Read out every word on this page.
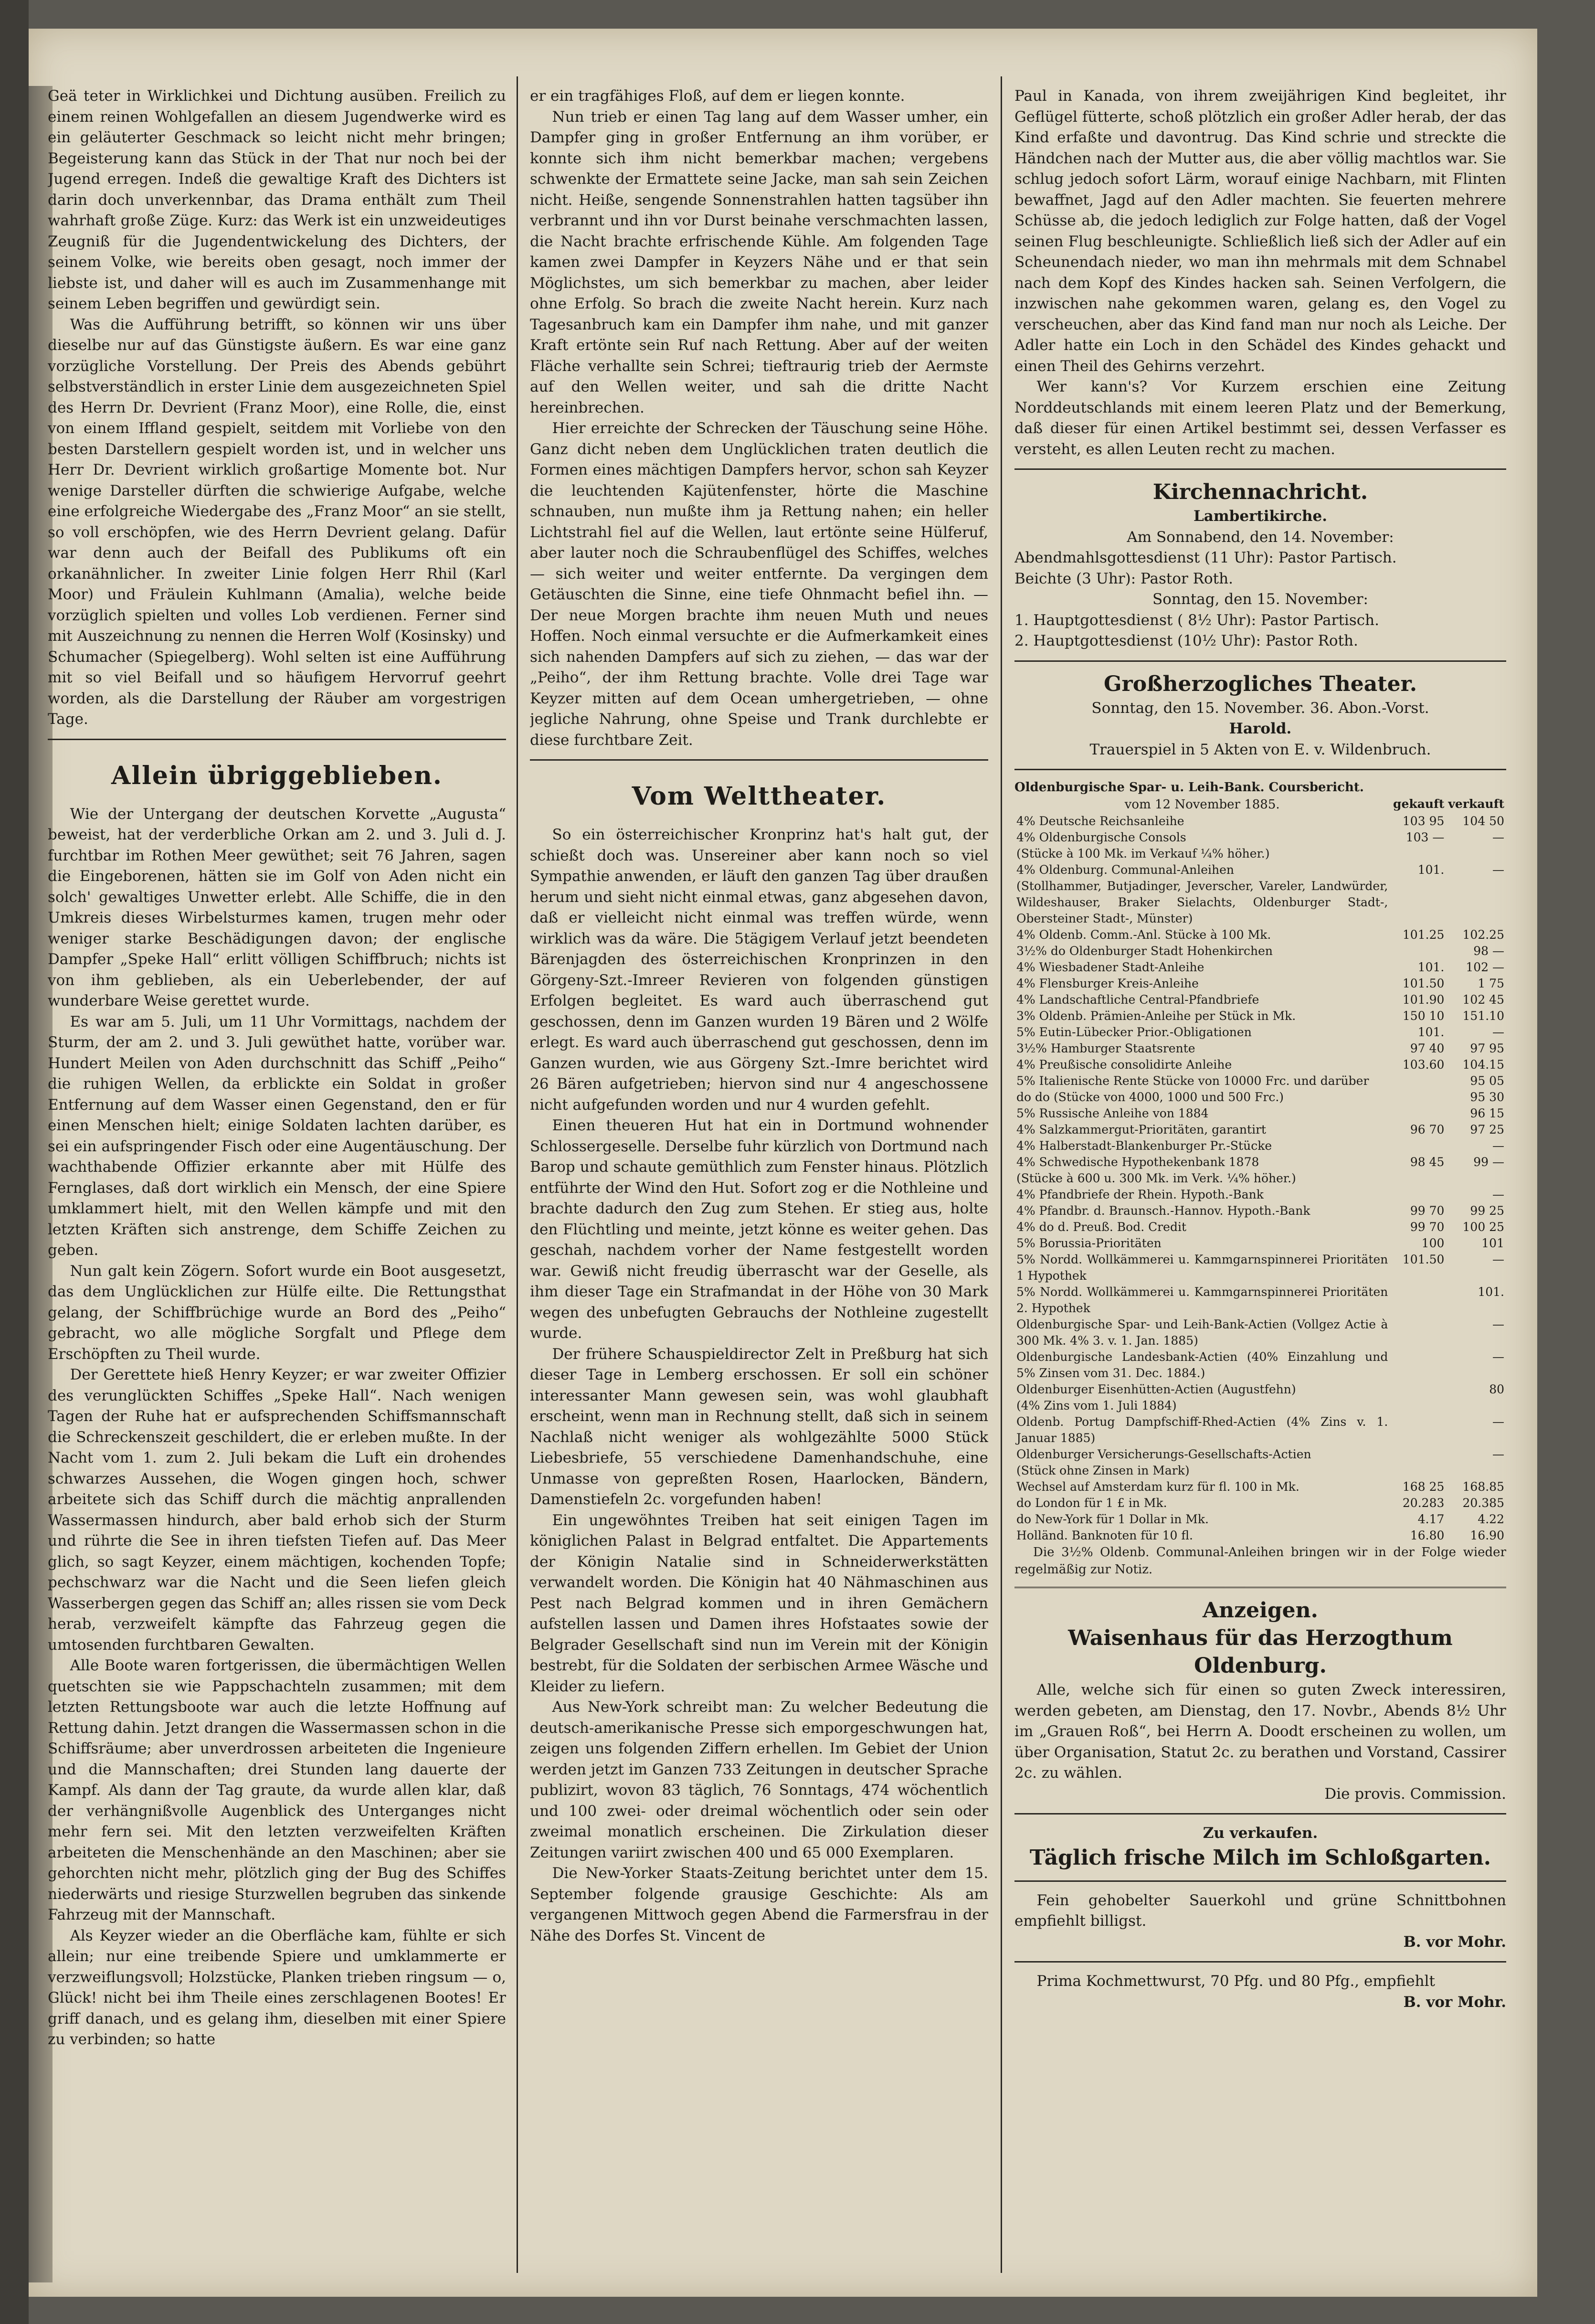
Geä teter in Wirklichkei und Dichtung ausüben. Freilich zu einem reinen Wohlgefallen an diesem Jugendwerke wird es ein geläuterter Geschmack so leicht nicht mehr bringen; Begeisterung kann das Stück in der That nur noch bei der Jugend erregen. Indeß die gewaltige Kraft des Dichters ist darin doch unverkennbar, das Drama enthält zum Theil wahrhaft große Züge. Kurz: das Werk ist ein unzweideutiges Zeugniß für die Jugendentwickelung des Dichters, der seinem Volke, wie bereits oben gesagt, noch immer der liebste ist, und daher will es auch im Zusammenhange mit seinem Leben begriffen und gewürdigt sein.

Was die Aufführung betrifft, so können wir uns über dieselbe nur auf das Günstigste äußern. Es war eine ganz vorzügliche Vorstellung. Der Preis des Abends gebührt selbstverständlich in erster Linie dem ausgezeichneten Spiel des Herrn Dr. Devrient (Franz Moor), eine Rolle, die, einst von einem Iffland gespielt, seitdem mit Vorliebe von den besten Darstellern gespielt worden ist, und in welcher uns Herr Dr. Devrient wirklich großartige Momente bot. Nur wenige Darsteller dürften die schwierige Aufgabe, welche eine erfolgreiche Wiedergabe des „Franz Moor“ an sie stellt, so voll erschöpfen, wie des Herrn Devrient gelang. Dafür war denn auch der Beifall des Publikums oft ein orkanähnlicher. In zweiter Linie folgen Herr Rhil (Karl Moor) und Fräulein Kuhlmann (Amalia), welche beide vorzüglich spielten und volles Lob verdienen. Ferner sind mit Auszeichnung zu nennen die Herren Wolf (Kosinsky) und Schumacher (Spiegelberg). Wohl selten ist eine Aufführung mit so viel Beifall und so häufigem Hervorruf geehrt worden, als die Darstellung der Räuber am vorgestrigen Tage.

Allein übriggeblieben.

Wie der Untergang der deutschen Korvette „Augusta“ beweist, hat der verderbliche Orkan am 2. und 3. Juli d. J. furchtbar im Rothen Meer gewüthet; seit 76 Jahren, sagen die Eingeborenen, hätten sie im Golf von Aden nicht ein solch' gewaltiges Unwetter erlebt. Alle Schiffe, die in den Umkreis dieses Wirbelsturmes kamen, trugen mehr oder weniger starke Beschädigungen davon; der englische Dampfer „Speke Hall“ erlitt völligen Schiffbruch; nichts ist von ihm geblieben, als ein Ueberlebender, der auf wunderbare Weise gerettet wurde.

Es war am 5. Juli, um 11 Uhr Vormittags, nachdem der Sturm, der am 2. und 3. Juli gewüthet hatte, vorüber war. Hundert Meilen von Aden durchschnitt das Schiff „Peiho“ die ruhigen Wellen, da erblickte ein Soldat in großer Entfernung auf dem Wasser einen Gegenstand, den er für einen Menschen hielt; einige Soldaten lachten darüber, es sei ein aufspringender Fisch oder eine Augentäuschung. Der wachthabende Offizier erkannte aber mit Hülfe des Fernglases, daß dort wirklich ein Mensch, der eine Spiere umklammert hielt, mit den Wellen kämpfe und mit den letzten Kräften sich anstrenge, dem Schiffe Zeichen zu geben.

Nun galt kein Zögern. Sofort wurde ein Boot ausgesetzt, das dem Unglücklichen zur Hülfe eilte. Die Rettungsthat gelang, der Schiffbrüchige wurde an Bord des „Peiho“ gebracht, wo alle mögliche Sorgfalt und Pflege dem Erschöpften zu Theil wurde.

Der Gerettete hieß Henry Keyzer; er war zweiter Offizier des verunglückten Schiffes „Speke Hall“. Nach wenigen Tagen der Ruhe hat er aufsprechenden Schiffsmannschaft die Schreckenszeit geschildert, die er erleben mußte. In der Nacht vom 1. zum 2. Juli bekam die Luft ein drohendes schwarzes Aussehen, die Wogen gingen hoch, schwer arbeitete sich das Schiff durch die mächtig anprallenden Wassermassen hindurch, aber bald erhob sich der Sturm und rührte die See in ihren tiefsten Tiefen auf. Das Meer glich, so sagt Keyzer, einem mächtigen, kochenden Topfe; pechschwarz war die Nacht und die Seen liefen gleich Wasserbergen gegen das Schiff an; alles rissen sie vom Deck herab, verzweifelt kämpfte das Fahrzeug gegen die umtosenden furchtbaren Gewalten.

Alle Boote waren fortgerissen, die übermächtigen Wellen quetschten sie wie Pappschachteln zusammen; mit dem letzten Rettungsboote war auch die letzte Hoffnung auf Rettung dahin. Jetzt drangen die Wassermassen schon in die Schiffsräume; aber unverdrossen arbeiteten die Ingenieure und die Mannschaften; drei Stunden lang dauerte der Kampf. Als dann der Tag graute, da wurde allen klar, daß der verhängnißvolle Augenblick des Unterganges nicht mehr fern sei. Mit den letzten verzweifelten Kräften arbeiteten die Menschenhände an den Maschinen; aber sie gehorchten nicht mehr, plötzlich ging der Bug des Schiffes niederwärts und riesige Sturzwellen begruben das sinkende Fahrzeug mit der Mannschaft.

Als Keyzer wieder an die Oberfläche kam, fühlte er sich allein; nur eine treibende Spiere und umklammerte er verzweiflungsvoll; Holzstücke, Planken trieben ringsum — o, Glück! nicht bei ihm Theile eines zerschlagenen Bootes! Er griff danach, und es gelang ihm, dieselben mit einer Spiere zu verbinden; so hatte

er ein tragfähiges Floß, auf dem er liegen konnte.

Nun trieb er einen Tag lang auf dem Wasser umher, ein Dampfer ging in großer Entfernung an ihm vorüber, er konnte sich ihm nicht bemerkbar machen; vergebens schwenkte der Ermattete seine Jacke, man sah sein Zeichen nicht. Heiße, sengende Sonnenstrahlen hatten tagsüber ihn verbrannt und ihn vor Durst beinahe verschmachten lassen, die Nacht brachte erfrischende Kühle. Am folgenden Tage kamen zwei Dampfer in Keyzers Nähe und er that sein Möglichstes, um sich bemerkbar zu machen, aber leider ohne Erfolg. So brach die zweite Nacht herein. Kurz nach Tagesanbruch kam ein Dampfer ihm nahe, und mit ganzer Kraft ertönte sein Ruf nach Rettung. Aber auf der weiten Fläche verhallte sein Schrei; tieftraurig trieb der Aermste auf den Wellen weiter, und sah die dritte Nacht hereinbrechen.

Hier erreichte der Schrecken der Täuschung seine Höhe. Ganz dicht neben dem Unglücklichen traten deutlich die Formen eines mächtigen Dampfers hervor, schon sah Keyzer die leuchtenden Kajütenfenster, hörte die Maschine schnauben, nun mußte ihm ja Rettung nahen; ein heller Lichtstrahl fiel auf die Wellen, laut ertönte seine Hülferuf, aber lauter noch die Schraubenflügel des Schiffes, welches — sich weiter und weiter entfernte. Da vergingen dem Getäuschten die Sinne, eine tiefe Ohnmacht befiel ihn. — Der neue Morgen brachte ihm neuen Muth und neues Hoffen. Noch einmal versuchte er die Aufmerkamkeit eines sich nahenden Dampfers auf sich zu ziehen, — das war der „Peiho“, der ihm Rettung brachte. Volle drei Tage war Keyzer mitten auf dem Ocean umhergetrieben, — ohne jegliche Nahrung, ohne Speise und Trank durchlebte er diese furchtbare Zeit.

Vom Welttheater.

So ein österreichischer Kronprinz hat's halt gut, der schießt doch was. Unsereiner aber kann noch so viel Sympathie anwenden, er läuft den ganzen Tag über draußen herum und sieht nicht einmal etwas, ganz abgesehen davon, daß er vielleicht nicht einmal was treffen würde, wenn wirklich was da wäre. Die 5tägigem Verlauf jetzt beendeten Bärenjagden des österreichischen Kronprinzen in den Görgeny-Szt.-Imreer Revieren von folgenden günstigen Erfolgen begleitet. Es ward auch überraschend gut geschossen, denn im Ganzen wurden 19 Bären und 2 Wölfe erlegt. Es ward auch überraschend gut geschossen, denn im Ganzen wurden, wie aus Görgeny Szt.-Imre berichtet wird 26 Bären aufgetrieben; hiervon sind nur 4 angeschossene nicht aufgefunden worden und nur 4 wurden gefehlt.

Einen theueren Hut hat ein in Dortmund wohnender Schlossergeselle. Derselbe fuhr kürzlich von Dortmund nach Barop und schaute gemüthlich zum Fenster hinaus. Plötzlich entführte der Wind den Hut. Sofort zog er die Nothleine und brachte dadurch den Zug zum Stehen. Er stieg aus, holte den Flüchtling und meinte, jetzt könne es weiter gehen. Das geschah, nachdem vorher der Name festgestellt worden war. Gewiß nicht freudig überrascht war der Geselle, als ihm dieser Tage ein Strafmandat in der Höhe von 30 Mark wegen des unbefugten Gebrauchs der Nothleine zugestellt wurde.

Der frühere Schauspieldirector Zelt in Preßburg hat sich dieser Tage in Lemberg erschossen. Er soll ein schöner interessanter Mann gewesen sein, was wohl glaubhaft erscheint, wenn man in Rechnung stellt, daß sich in seinem Nachlaß nicht weniger als wohlgezählte 5000 Stück Liebesbriefe, 55 verschiedene Damenhandschuhe, eine Unmasse von gepreßten Rosen, Haarlocken, Bändern, Damenstiefeln 2c. vorgefunden haben!

Ein ungewöhntes Treiben hat seit einigen Tagen im königlichen Palast in Belgrad entfaltet. Die Appartements der Königin Natalie sind in Schneiderwerkstätten verwandelt worden. Die Königin hat 40 Nähmaschinen aus Pest nach Belgrad kommen und in ihren Gemächern aufstellen lassen und Damen ihres Hofstaates sowie der Belgrader Gesellschaft sind nun im Verein mit der Königin bestrebt, für die Soldaten der serbischen Armee Wäsche und Kleider zu liefern.

Aus New-York schreibt man: Zu welcher Bedeutung die deutsch-amerikanische Presse sich emporgeschwungen hat, zeigen uns folgenden Ziffern erhellen. Im Gebiet der Union werden jetzt im Ganzen 733 Zeitungen in deutscher Sprache publizirt, wovon 83 täglich, 76 Sonntags, 474 wöchentlich und 100 zwei- oder dreimal wöchentlich oder sein oder zweimal monatlich erscheinen. Die Zirkulation dieser Zeitungen variirt zwischen 400 und 65 000 Exemplaren.

Die New-Yorker Staats-Zeitung berichtet unter dem 15. September folgende grausige Geschichte: Als am vergangenen Mittwoch gegen Abend die Farmersfrau in der Nähe des Dorfes St. Vincent de

Paul in Kanada, von ihrem zweijährigen Kind begleitet, ihr Geflügel fütterte, schoß plötzlich ein großer Adler herab, der das Kind erfaßte und davontrug. Das Kind schrie und streckte die Händchen nach der Mutter aus, die aber völlig machtlos war. Sie schlug jedoch sofort Lärm, worauf einige Nachbarn, mit Flinten bewaffnet, Jagd auf den Adler machten. Sie feuerten mehrere Schüsse ab, die jedoch lediglich zur Folge hatten, daß der Vogel seinen Flug beschleunigte. Schließlich ließ sich der Adler auf ein Scheunendach nieder, wo man ihn mehrmals mit dem Schnabel nach dem Kopf des Kindes hacken sah. Seinen Verfolgern, die inzwischen nahe gekommen waren, gelang es, den Vogel zu verscheuchen, aber das Kind fand man nur noch als Leiche. Der Adler hatte ein Loch in den Schädel des Kindes gehackt und einen Theil des Gehirns verzehrt.

Wer kann's? Vor Kurzem erschien eine Zeitung Norddeutschlands mit einem leeren Platz und der Bemerkung, daß dieser für einen Artikel bestimmt sei, dessen Verfasser es versteht, es allen Leuten recht zu machen.

Kirchennachricht.
Lambertikirche.
Am Sonnabend, den 14. November:
Abendmahlsgottesdienst (11 Uhr): Pastor Partisch.
Beichte (3 Uhr): Pastor Roth.
Sonntag, den 15. November:
1. Hauptgottesdienst ( 8½ Uhr): Pastor Partisch.
2. Hauptgottesdienst (10½ Uhr): Pastor Roth.
Großherzogliches Theater.
Sonntag, den 15. November. 36. Abon.-Vorst.
Harold.
Trauerspiel in 5 Akten von E. v. Wildenbruch.
Oldenburgische Spar- u. Leih-Bank. Coursbericht.
vom 12 November 1885.	gekauft	verkauft
4% Deutsche Reichsanleihe	103 95	104 50
4% Oldenburgische Consols	103 —	—
(Stücke à 100 Mk. im Verkauf ¼% höher.)		
4% Oldenburg. Communal-Anleihen	101.	—
(Stollhammer, Butjadinger, Jeverscher, Vareler, Landwürder, Wildeshauser, Braker Sielachts, Oldenburger Stadt-, Obersteiner Stadt-, Münster)		
4% Oldenb. Comm.-Anl. Stücke à 100 Mk.	101.25	102.25
3½% do Oldenburger Stadt Hohenkirchen		98 —
4% Wiesbadener Stadt-Anleihe	101.	102 —
4% Flensburger Kreis-Anleihe	101.50	1 75
4% Landschaftliche Central-Pfandbriefe	101.90	102 45
3% Oldenb. Prämien-Anleihe per Stück in Mk.	150 10	151.10
5% Eutin-Lübecker Prior.-Obligationen	101.	—
3½% Hamburger Staatsrente	97 40	97 95
4% Preußische consolidirte Anleihe	103.60	104.15
5% Italienische Rente Stücke von 10000 Frc. und darüber		95 05
do do (Stücke von 4000, 1000 und 500 Frc.)		95 30
5% Russische Anleihe von 1884		96 15
4% Salzkammergut-Prioritäten, garantirt	96 70	97 25
4% Halberstadt-Blankenburger Pr.-Stücke		—
4% Schwedische Hypothekenbank 1878	98 45	99 —
(Stücke à 600 u. 300 Mk. im Verk. ¼% höher.)		
4% Pfandbriefe der Rhein. Hypoth.-Bank		—
4% Pfandbr. d. Braunsch.-Hannov. Hypoth.-Bank	99 70	99 25
4% do d. Preuß. Bod. Credit	99 70	100 25
5% Borussia-Prioritäten	100	101
5% Nordd. Wollkämmerei u. Kammgarnspinnerei Prioritäten 1 Hypothek	101.50	—
5% Nordd. Wollkämmerei u. Kammgarnspinnerei Prioritäten 2. Hypothek		101.
Oldenburgische Spar- und Leih-Bank-Actien (Vollgez Actie à 300 Mk. 4% 3. v. 1. Jan. 1885)		—
Oldenburgische Landesbank-Actien (40% Einzahlung und 5% Zinsen vom 31. Dec. 1884.)		—
Oldenburger Eisenhütten-Actien (Augustfehn)		80
(4% Zins vom 1. Juli 1884)		
Oldenb. Portug Dampfschiff-Rhed-Actien (4% Zins v. 1. Januar 1885)		—
Oldenburger Versicherungs-Gesellschafts-Actien		—
(Stück ohne Zinsen in Mark)		
Wechsel auf Amsterdam kurz für fl. 100 in Mk.	168 25	168.85
do London für 1 £ in Mk.	20.283	20.385
do New-York für 1 Dollar in Mk.	4.17	4.22
Holländ. Banknoten für 10 fl.	16.80	16.90

Die 3½% Oldenb. Communal-Anleihen bringen wir in der Folge wieder regelmäßig zur Notiz.

Anzeigen.
Waisenhaus für das Herzogthum Oldenburg.

Alle, welche sich für einen so guten Zweck interessiren, werden gebeten, am Dienstag, den 17. Novbr., Abends 8½ Uhr im „Grauen Roß“, bei Herrn A. Doodt erscheinen zu wollen, um über Organisation, Statut 2c. zu berathen und Vorstand, Cassirer 2c. zu wählen.

Die provis. Commission.
Zu verkaufen.
Täglich frische Milch im Schloßgarten.

Fein gehobelter Sauerkohl und grüne Schnittbohnen empfiehlt billigst.

B. vor Mohr.

Prima Kochmettwurst, 70 Pfg. und 80 Pfg., empfiehlt

B. vor Mohr.
